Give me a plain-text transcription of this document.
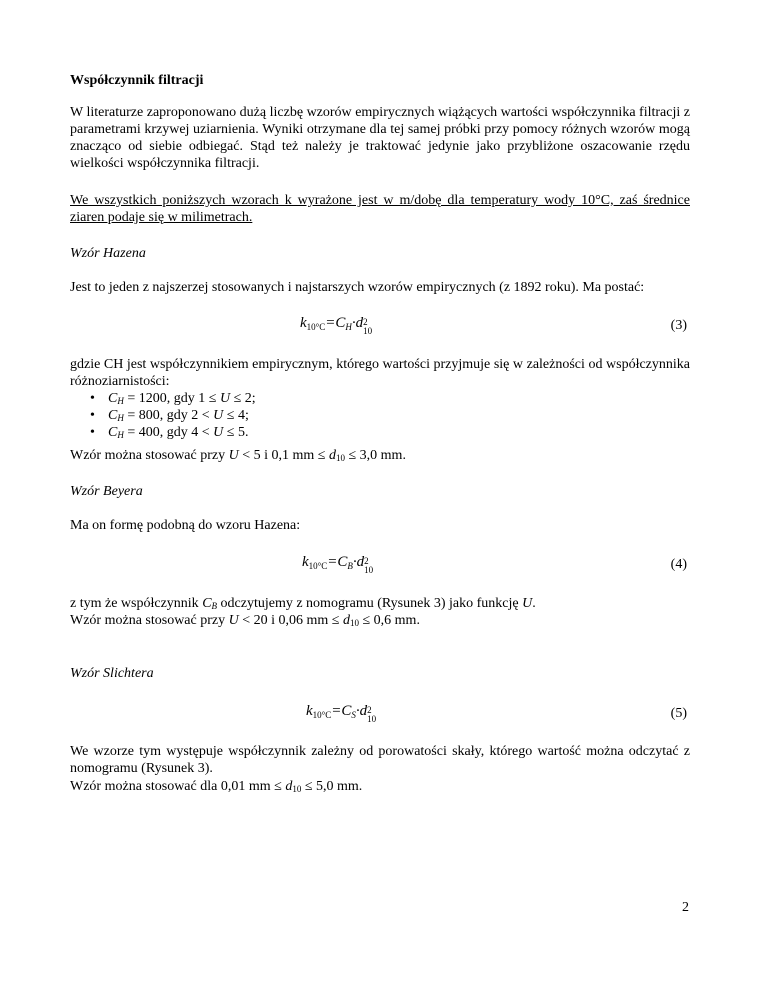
Współczynnik filtracji

W literaturze zaproponowano dużą liczbę wzorów empirycznych wiążących wartości współczynnika filtracji z parametrami krzywej uziarnienia. Wyniki otrzymane dla tej samej próbki przy pomocy różnych wzorów mogą znacząco od siebie odbiegać. Stąd też należy je traktować jedynie jako przybliżone oszacowanie rzędu wielkości współczynnika filtracji.

We wszystkich poniższych wzorach k wyrażone jest w m/dobę dla temperatury wody 10°C, zaś średnice ziaren podaje się w milimetrach.

Wzór Hazena

Jest to jeden z najszerzej stosowanych i najstarszych wzorów empirycznych (z 1892 roku). Ma postać:

$k_{10^\circ C}=C_H\cdot d$ 2
10	(3)

gdzie CH jest współczynnikiem empirycznym, którego wartości przyjmuje się w zależności od współczynnika różnoziarnistości:

• CH = 1200, gdy 1 ≤ U ≤ 2;
• CH = 800, gdy 2 < U ≤ 4;
• CH = 400, gdy 4 < U ≤ 5.

Wzór można stosować przy U < 5 i 0,1 mm ≤ d10 ≤ 3,0 mm.

Wzór Beyera

Ma on formę podobną do wzoru Hazena:

$k_{10^\circ C}=C_B\cdot d$ 2
10	(4)

z tym że współczynnik CB odczytujemy z nomogramu (Rysunek 3) jako funkcję U.

Wzór można stosować przy U < 20 i 0,06 mm ≤ d10 ≤ 0,6 mm.

Wzór Slichtera

$k_{10^\circ C}=C_S\cdot d$ 2
10	(5)

We wzorze tym występuje współczynnik zależny od porowatości skały, którego wartość można odczytać z nomogramu (Rysunek 3).

Wzór można stosować dla 0,01 mm ≤ d10 ≤ 5,0 mm.

2
